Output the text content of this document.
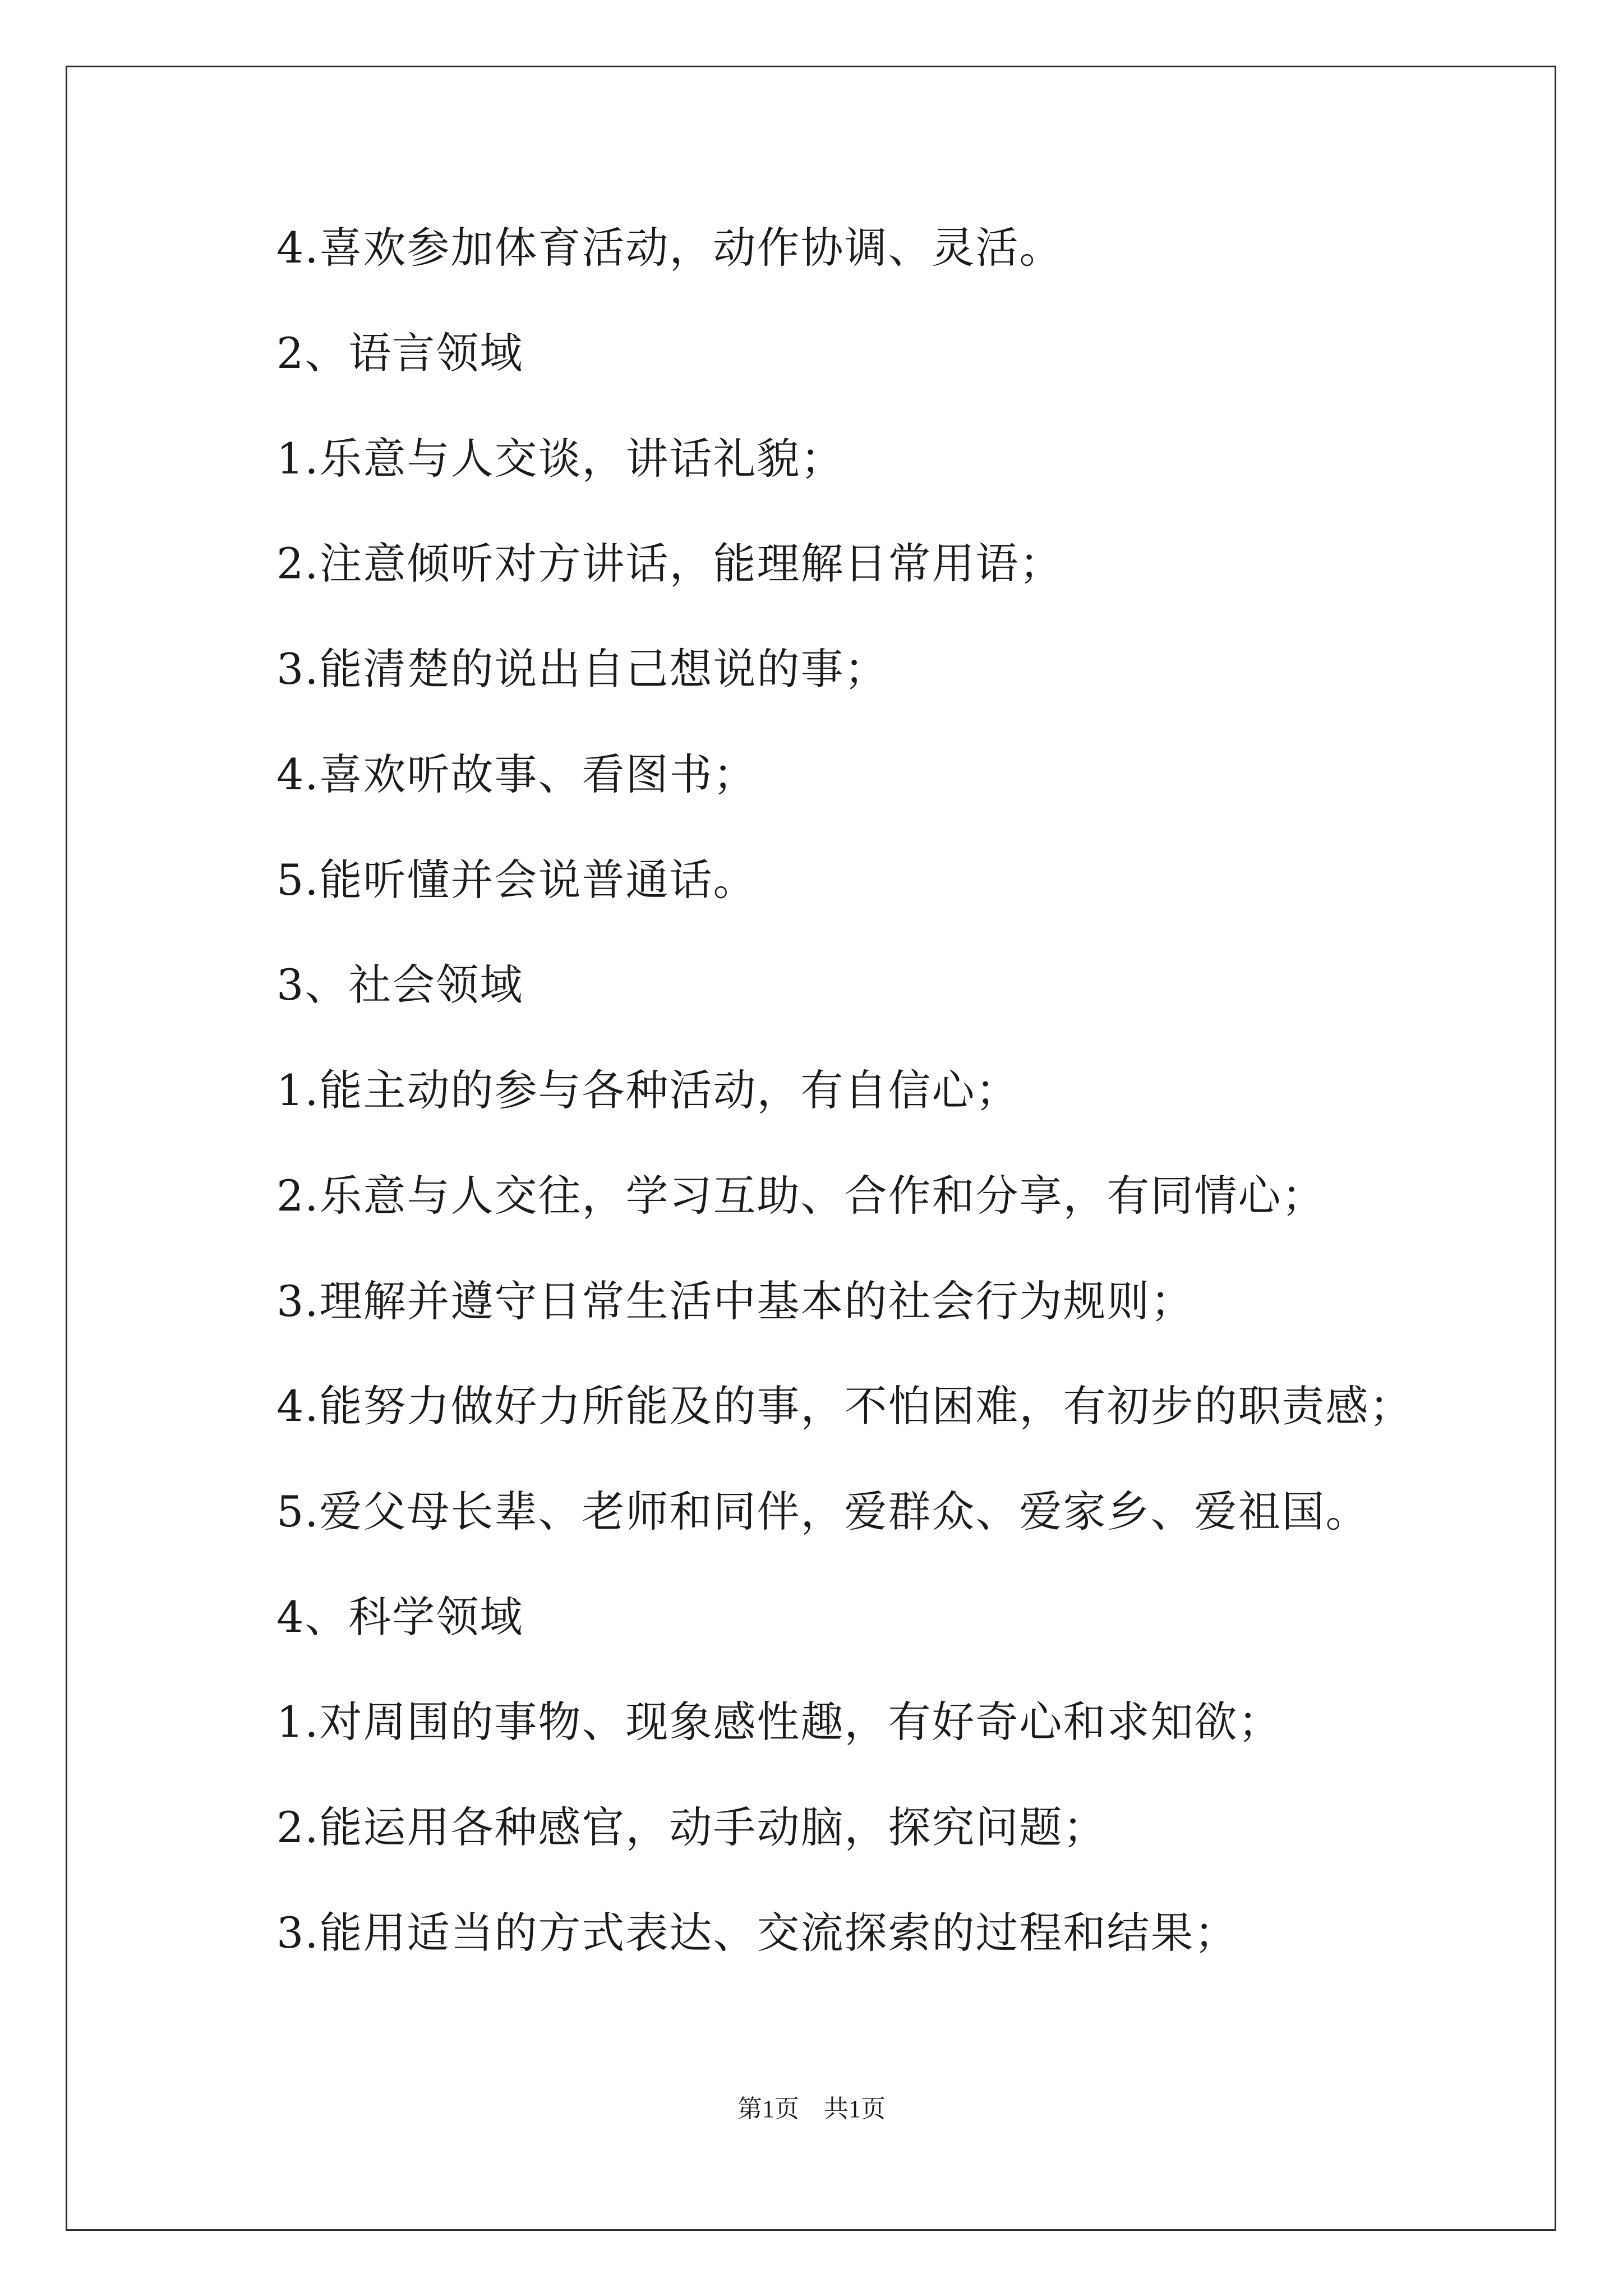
4.喜欢参加体育活动，动作协调、灵活。
2、语言领域
1.乐意与人交谈，讲话礼貌；
2.注意倾听对方讲话，能理解日常用语；
3.能清楚的说出自己想说的事；
4.喜欢听故事、看图书；
5.能听懂并会说普通话。
3、社会领域
1.能主动的参与各种活动，有自信心；
2.乐意与人交往，学习互助、合作和分享，有同情心；
3.理解并遵守日常生活中基本的社会行为规则；
4.能努力做好力所能及的事，不怕困难，有初步的职责感；
5.爱父母长辈、老师和同伴，爱群众、爱家乡、爱祖国。
4、科学领域
1.对周围的事物、现象感性趣，有好奇心和求知欲；
2.能运用各种感官，动手动脑，探究问题；
3.能用适当的方式表达、交流探索的过程和结果；
第1页　共1页
